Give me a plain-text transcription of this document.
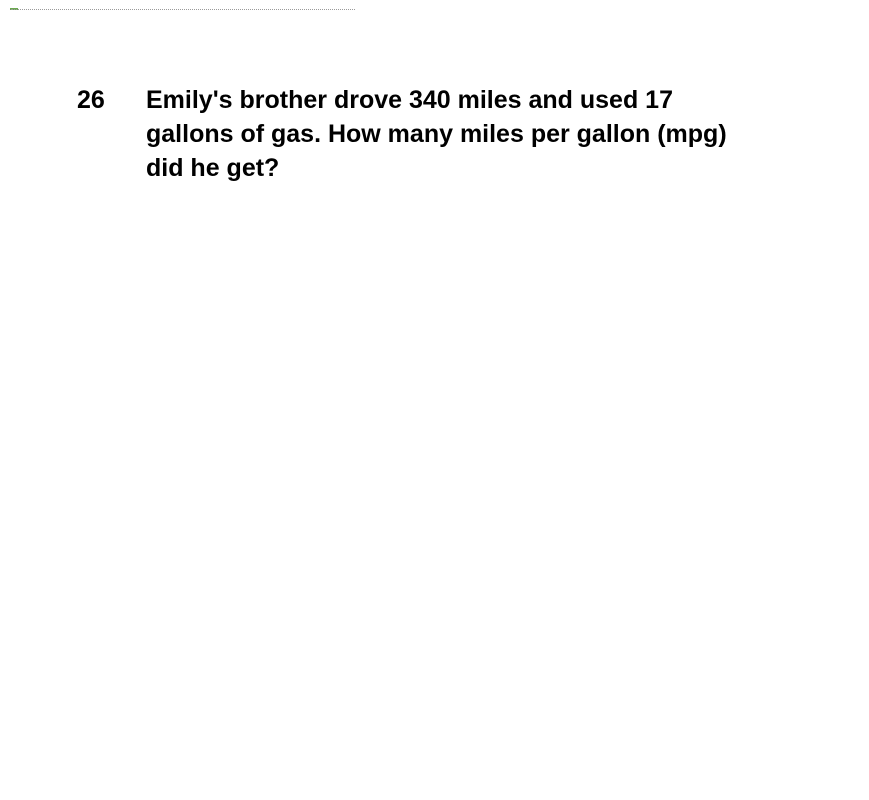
26 Emily's brother drove 340 miles and used 17 gallons of gas. How many miles per gallon (mpg) did he get?
